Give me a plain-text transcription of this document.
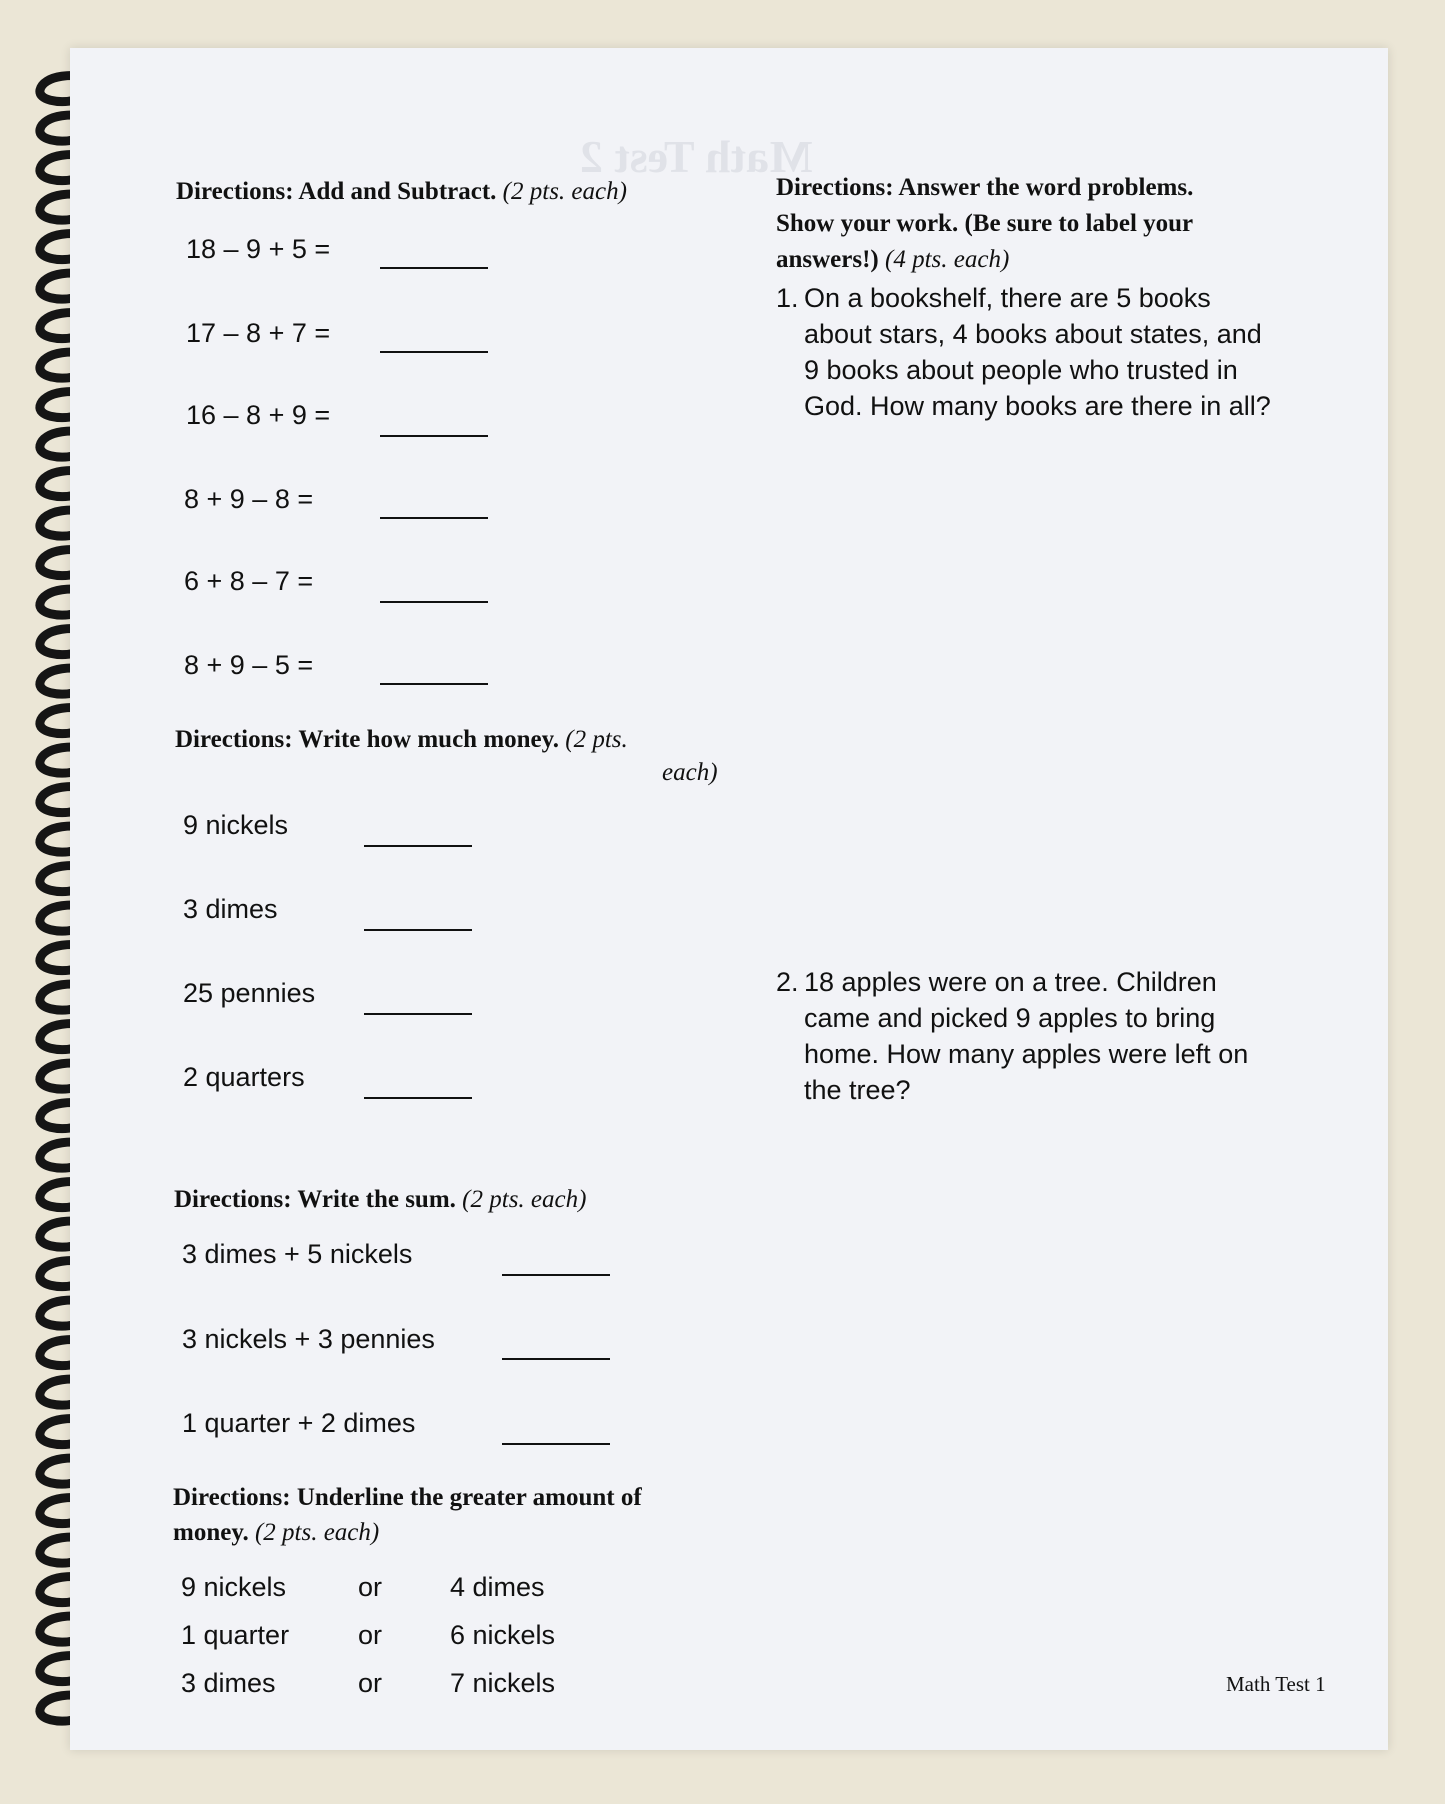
Math Test 2
Directions: Add and Subtract. (2 pts. each)
18 – 9 + 5 =
17 – 8 + 7 =
16 – 8 + 9 =
8 + 9 – 8 =
6 + 8 – 7 =
8 + 9 – 5 =
Directions: Write how much money. (2 pts.
each)
9 nickels
3 dimes
25 pennies
2 quarters
Directions: Write the sum. (2 pts. each)
3 dimes + 5 nickels
3 nickels + 3 pennies
1 quarter + 2 dimes
Directions: Underline the greater amount of
money. (2 pts. each)
9 nickels	or	4 dimes
1 quarter	or	6 nickels
3 dimes	or	7 nickels
Directions: Answer the word problems.
Show your work. (Be sure to label your
answers!) (4 pts. each)
1. On a bookshelf, there are 5 books
about stars, 4 books about states, and
9 books about people who trusted in
God. How many books are there in all?
2. 18 apples were on a tree. Children
came and picked 9 apples to bring
home. How many apples were left on
the tree?
Math Test 1
